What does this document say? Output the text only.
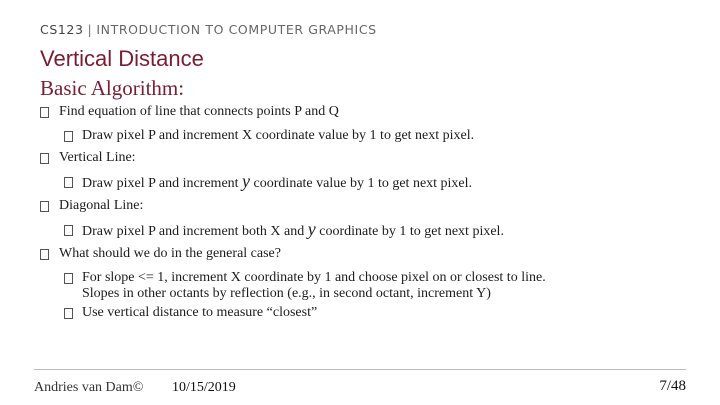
CS123 | INTRODUCTION TO COMPUTER GRAPHICS
Vertical Distance
Basic Algorithm:
Find equation of line that connects points P and Q
Draw pixel P and increment X coordinate value by 1 to get next pixel.
Vertical Line:
Draw pixel P and increment y coordinate value by 1 to get next pixel.
Diagonal Line:
Draw pixel P and increment both X and y coordinate by 1 to get next pixel.
What should we do in the general case?
For slope <= 1, increment X coordinate by 1 and choose pixel on or closest to line.
Slopes in other octants by reflection (e.g., in second octant, increment Y)
Use vertical distance to measure “closest”
Andries van Dam© 10/15/2019	7/48
